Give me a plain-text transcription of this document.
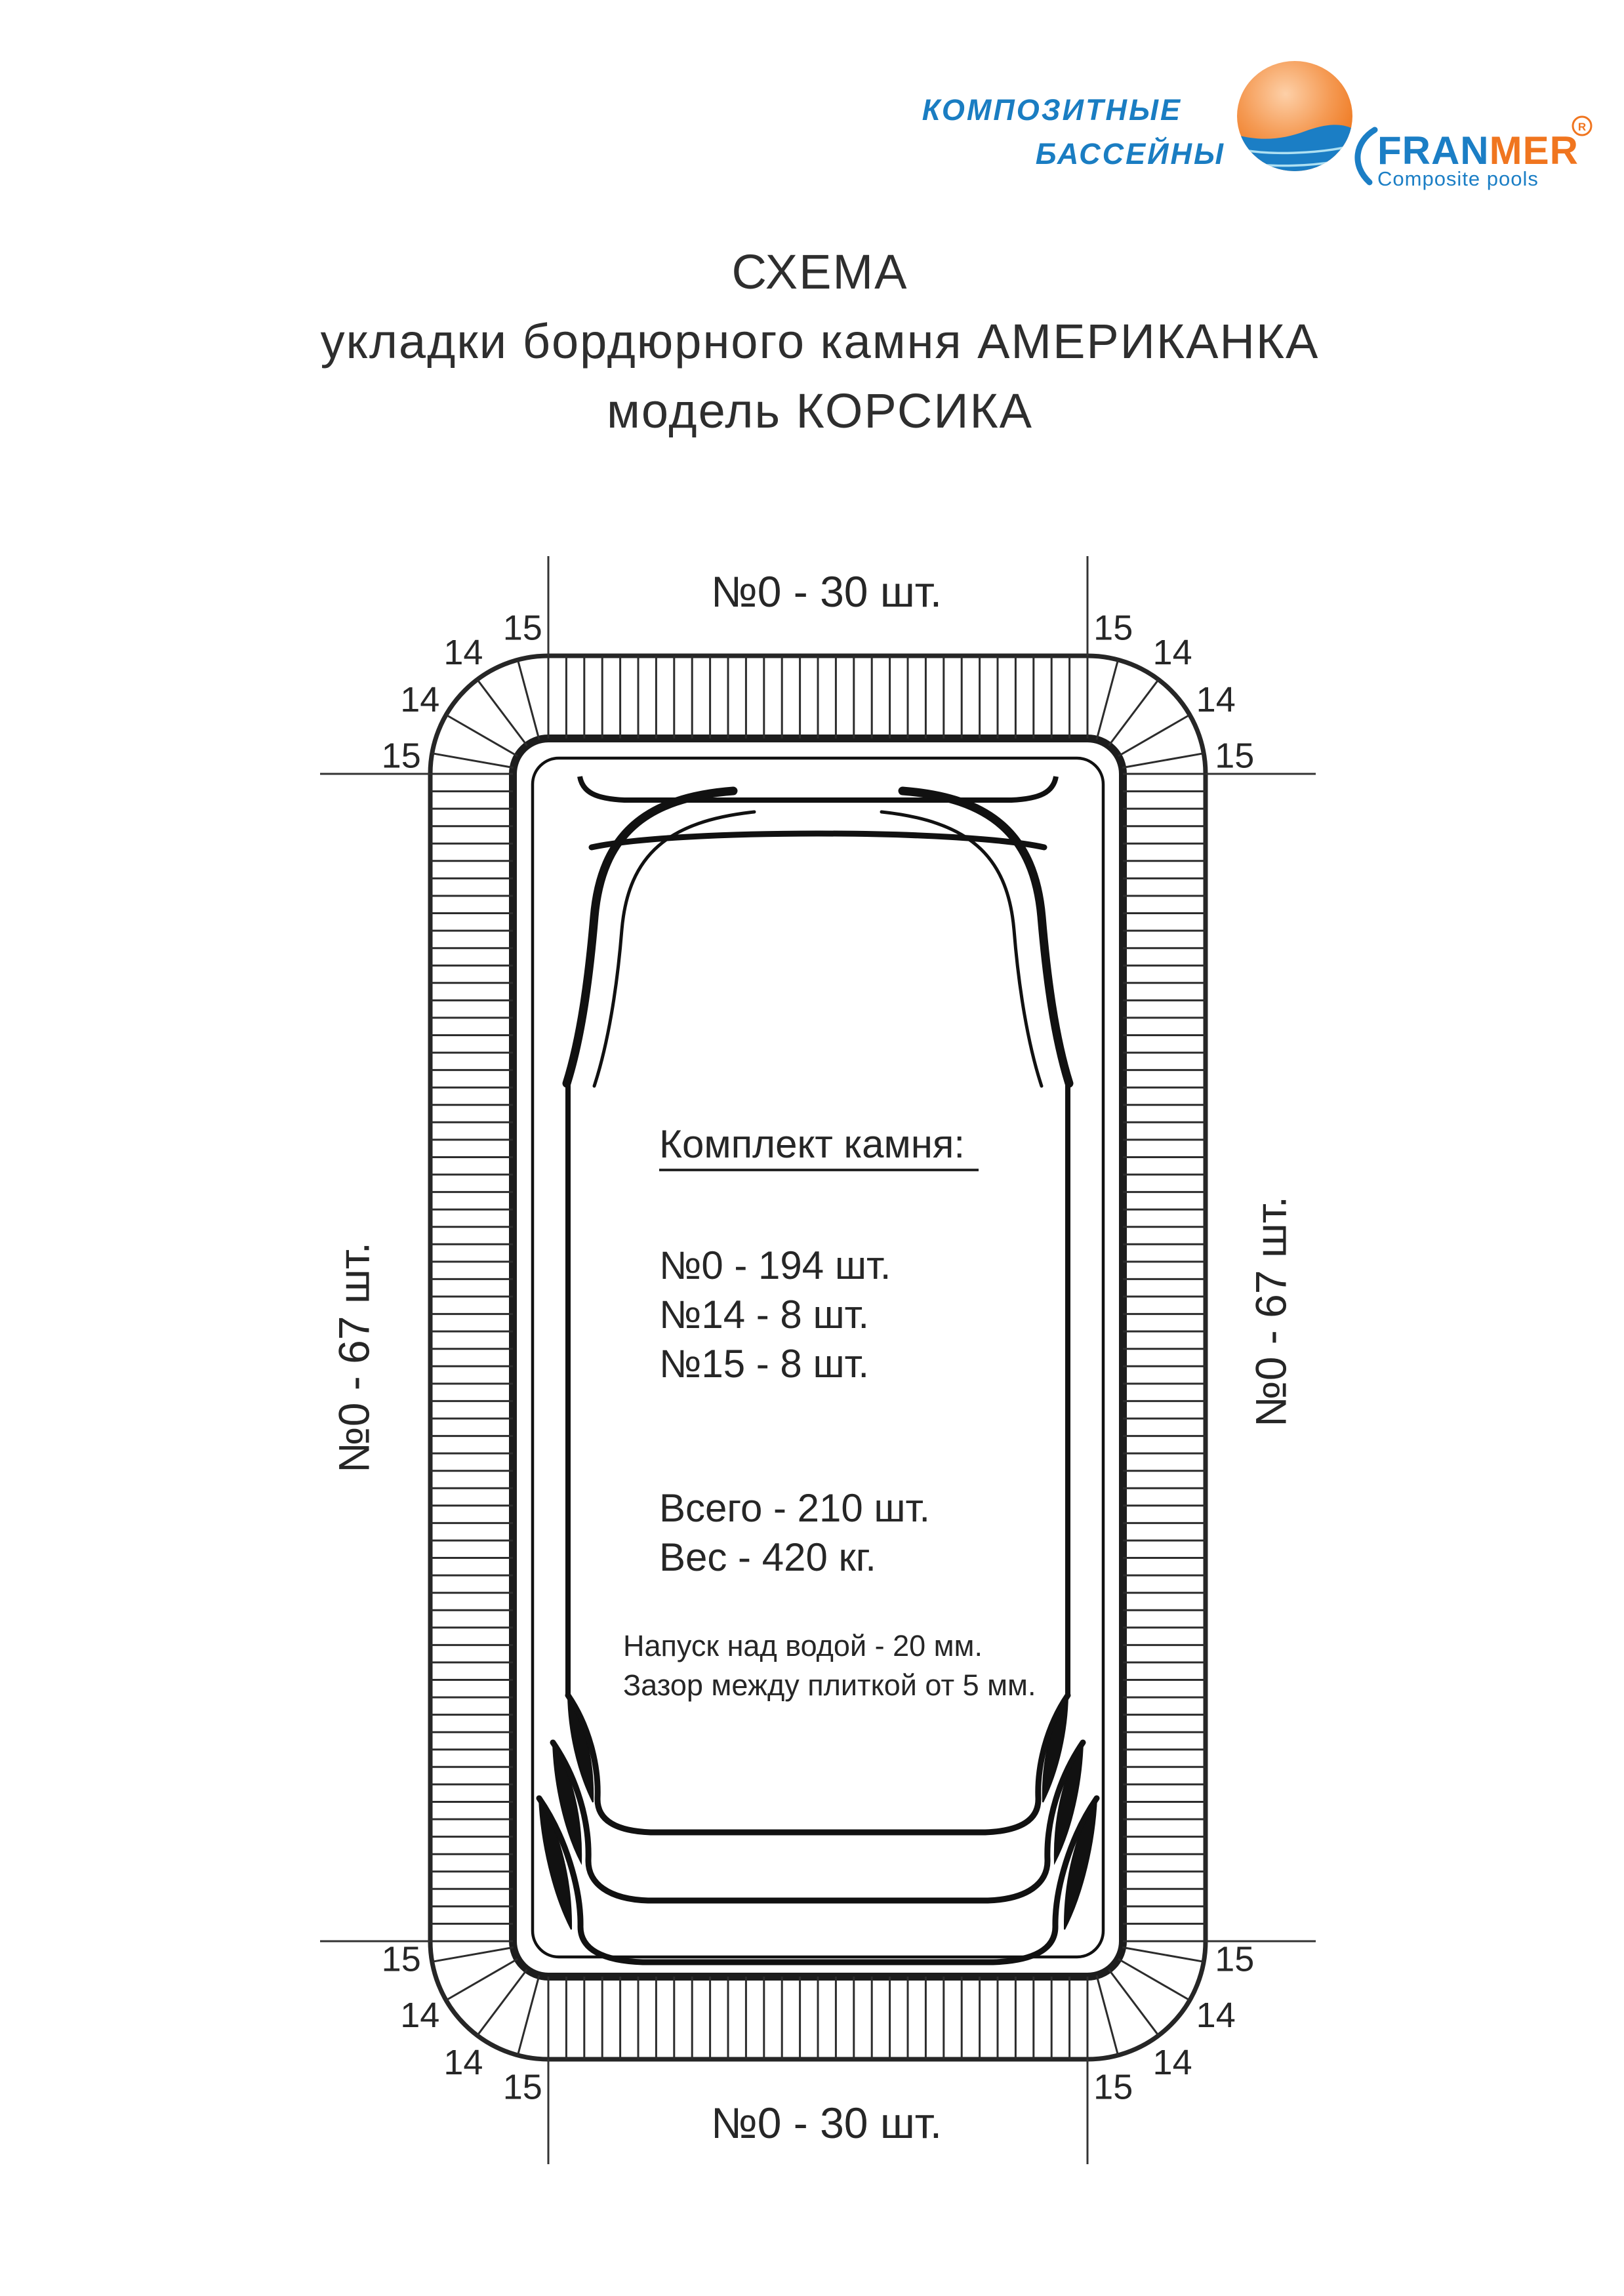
КОМПОЗИТНЫЕ
БАССЕЙНЫ	FRANMER
R
Composite pools
СХЕМА
укладки бордюрного камня АМЕРИКАНКА
модель КОРСИКА
15
14
14
15
15
14
14
15
15
14
14
15
15
14
14
15
№0 - 30 шт.
№0 - 30 шт.
№0 - 67 шт.	№0 - 67 шт.
Комплект камня:
№0 - 194 шт.
№14 - 8 шт.
№15 - 8 шт.
Всего - 210 шт.
Вес - 420 кг.
Напуск над водой - 20 мм.
Зазор между плиткой от 5 мм.
